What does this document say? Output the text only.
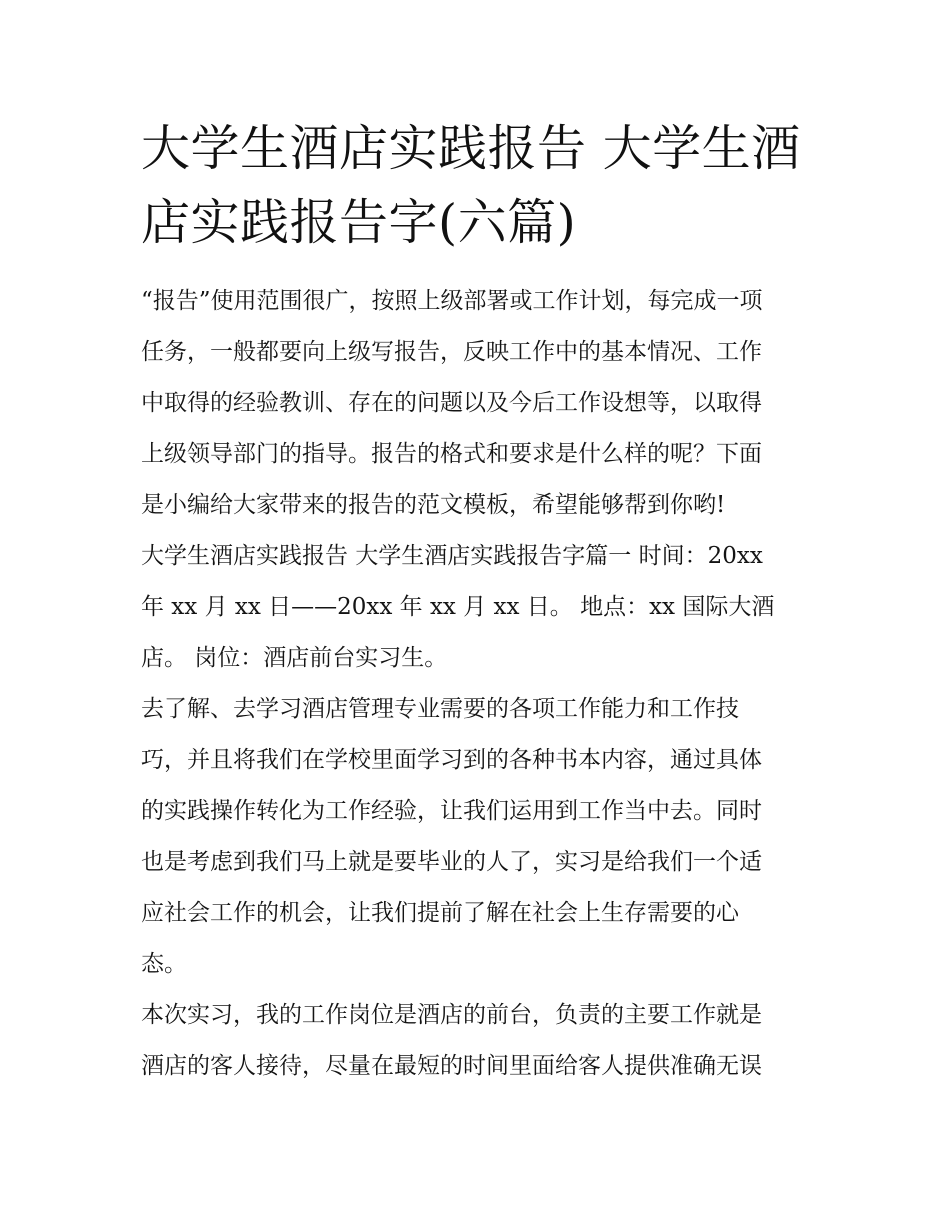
大学生酒店实践报告 大学生酒
店实践报告字(六篇)

“报告”使用范围很广，按照上级部署或工作计划，每完成一项
任务，一般都要向上级写报告，反映工作中的基本情况、工作
中取得的经验教训、存在的问题以及今后工作设想等，以取得
上级领导部门的指导。报告的格式和要求是什么样的呢？下面
是小编给大家带来的报告的范文模板，希望能够帮到你哟!

大学生酒店实践报告 大学生酒店实践报告字篇一 时间：20xx
年 xx 月 xx 日——20xx 年 xx 月 xx 日。 地点：xx 国际大酒
店。 岗位：酒店前台实习生。

去了解、去学习酒店管理专业需要的各项工作能力和工作技
巧，并且将我们在学校里面学习到的各种书本内容，通过具体
的实践操作转化为工作经验，让我们运用到工作当中去。同时
也是考虑到我们马上就是要毕业的人了，实习是给我们一个适
应社会工作的机会，让我们提前了解在社会上生存需要的心
态。

本次实习，我的工作岗位是酒店的前台，负责的主要工作就是
酒店的客人接待，尽量在最短的时间里面给客人提供准确无误
